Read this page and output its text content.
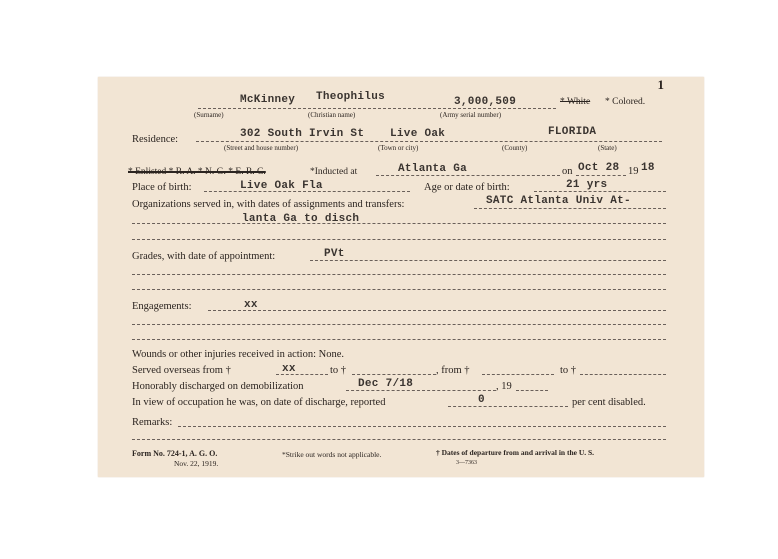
1
McKinney Theophilus	3,000,509	* White * Colored.
(Surname)	(Christian name)	(Army serial number)
Residence:	302 South Irvin St Live Oak	FLORIDA
(Street and house number)	(Town or city)	(County)	(State)
* Enlisted * R. A. * N. G. * E. R. C.	*Inducted at	Atlanta Ga	on Oct 28 19 18
Place of birth:	Live Oak Fla	Age or date of birth:	21 yrs
Organizations served in, with dates of assignments and transfers:	SATC Atlanta Univ At-
lanta Ga to disch
Grades, with date of appointment:	PVt
Engagements:	xx
Wounds or other injuries received in action: None.
Served overseas from †	xx	to †	, from †	to †
Honorably discharged on demobilization	Dec 7/18	, 19
In view of occupation he was, on date of discharge, reported	0	per cent disabled.
Remarks:
Form No. 724-1, A. G. O.
Nov. 22, 1919.
*Strike out words not applicable.	† Dates of departure from and arrival in the U. S.
3—7363
